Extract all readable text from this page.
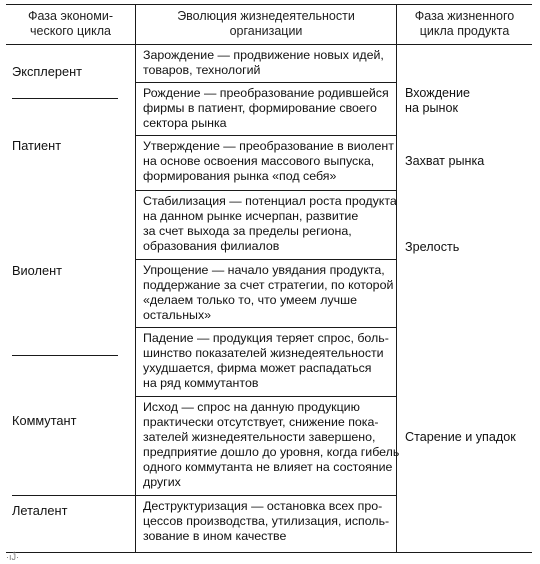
Фаза экономи-
ческого цикла
Эволюция жизнедеятельности
организации
Фаза жизненного
цикла продукта
Эксплерент
Патиент
Виолент
Коммутант
Леталент
Зарождение — продвижение новых идей,
товаров, технологий
Рождение — преобразование родившейся
фирмы в патиент, формирование своего
сектора рынка
Утверждение — преобразование в виолент
на основе освоения массового выпуска,
формирования рынка «под себя»
Стабилизация — потенциал роста продукта
на данном рынке исчерпан, развитие
за счет выхода за пределы региона,
образования филиалов
Упрощение — начало увядания продукта,
поддержание за счет стратегии, по которой
«делаем только то, что умеем лучше
остальных»
Падение — продукция теряет спрос, боль-
шинство показателей жизнедеятельности
ухудшается, фирма может распадаться
на ряд коммутантов
Исход — спрос на данную продукцию
практически отсутствует, снижение пока-
зателей жизнедеятельности завершено,
предприятие дошло до уровня, когда гибель
одного коммутанта не влияет на состояние
других
Деструктуризация — остановка всех про-
цессов производства, утилизация, исполь-
зование в ином качестве
Вхождение
на рынок
Захват рынка
Зрелость
Старение и упадок
·ıĴ·
